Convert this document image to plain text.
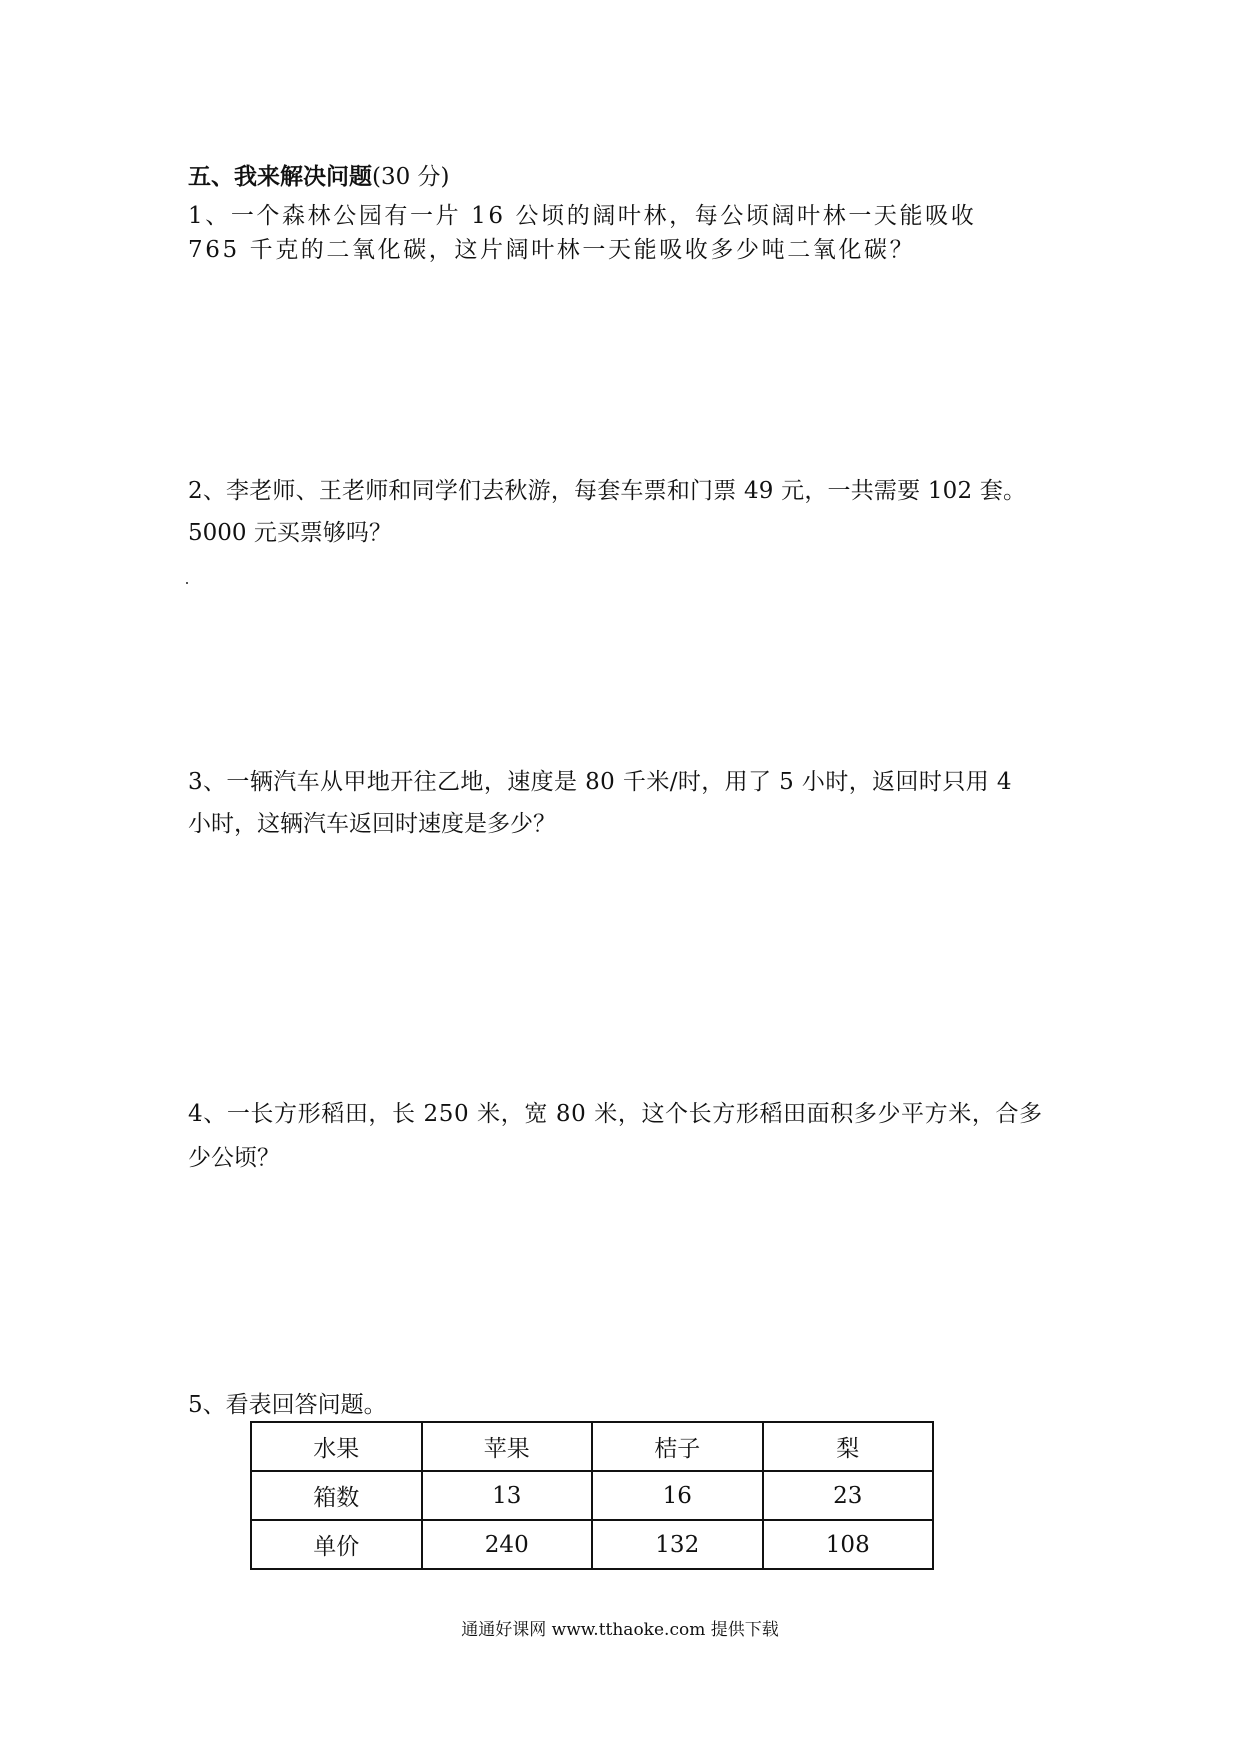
五、我来解决问题(30 分)
1、一个森林公园有一片 16 公顷的阔叶林，每公顷阔叶林一天能吸收
765 千克的二氧化碳，这片阔叶林一天能吸收多少吨二氧化碳？
2、李老师、王老师和同学们去秋游，每套车票和门票 49 元，一共需要 102 套。
5000 元买票够吗？
3、一辆汽车从甲地开往乙地，速度是 80 千米/时，用了 5 小时，返回时只用 4
小时，这辆汽车返回时速度是多少？
4、一长方形稻田，长 250 米，宽 80 米，这个长方形稻田面积多少平方米，合多
少公顷？
5、看表回答问题。
水果	苹果	桔子	梨
箱数	13	16	23
单价	240	132	108
通通好课网 www.tthaoke.com 提供下载
